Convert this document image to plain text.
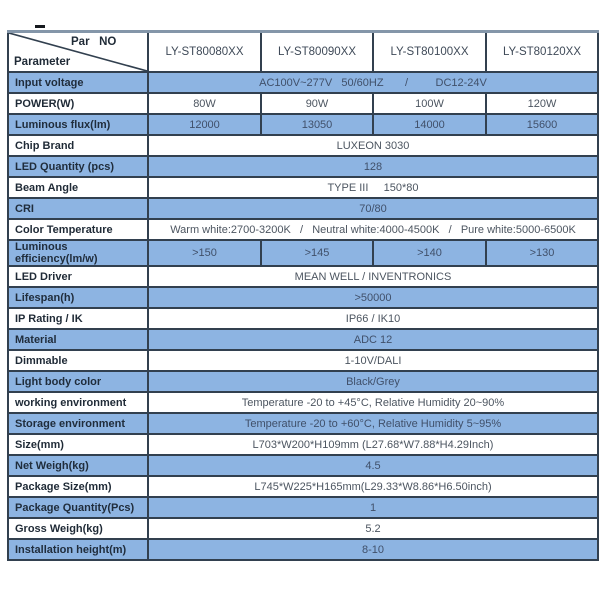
Par   NO
Parameter	LY-ST80080XX	LY-ST80090XX	LY-ST80100XX	LY-ST80120XX
Input voltage	AC100V~277V   50/60HZ       /         DC12-24V			
POWER(W)	80W	90W	100W	120W
Luminous flux(lm)	12000	13050	14000	15600
Chip Brand	LUXEON 3030			
LED Quantity (pcs)	128			
Beam Angle	TYPE III     150*80			
CRI	70/80			
Color Temperature	Warm white:2700-3200K   /   Neutral white:4000-4500K   /   Pure white:5000-6500K			
Luminous efficiency(lm/w)	>150	>145	>140	>130
LED Driver	MEAN WELL / INVENTRONICS			
Lifespan(h)	>50000			
IP Rating / IK	IP66 / IK10			
Material	ADC 12			
Dimmable	1-10V/DALI			
Light body color	Black/Grey			
working environment	Temperature -20 to +45°C, Relative Humidity 20~90%			
Storage environment	Temperature -20 to +60°C, Relative Humidity 5~95%			
Size(mm)	L703*W200*H109mm (L27.68*W7.88*H4.29Inch)			
Net Weigh(kg)	4.5			
Package Size(mm)	L745*W225*H165mm(L29.33*W8.86*H6.50inch)			
Package Quantity(Pcs)	1			
Gross Weigh(kg)	5.2			
Installation height(m)	8-10			
